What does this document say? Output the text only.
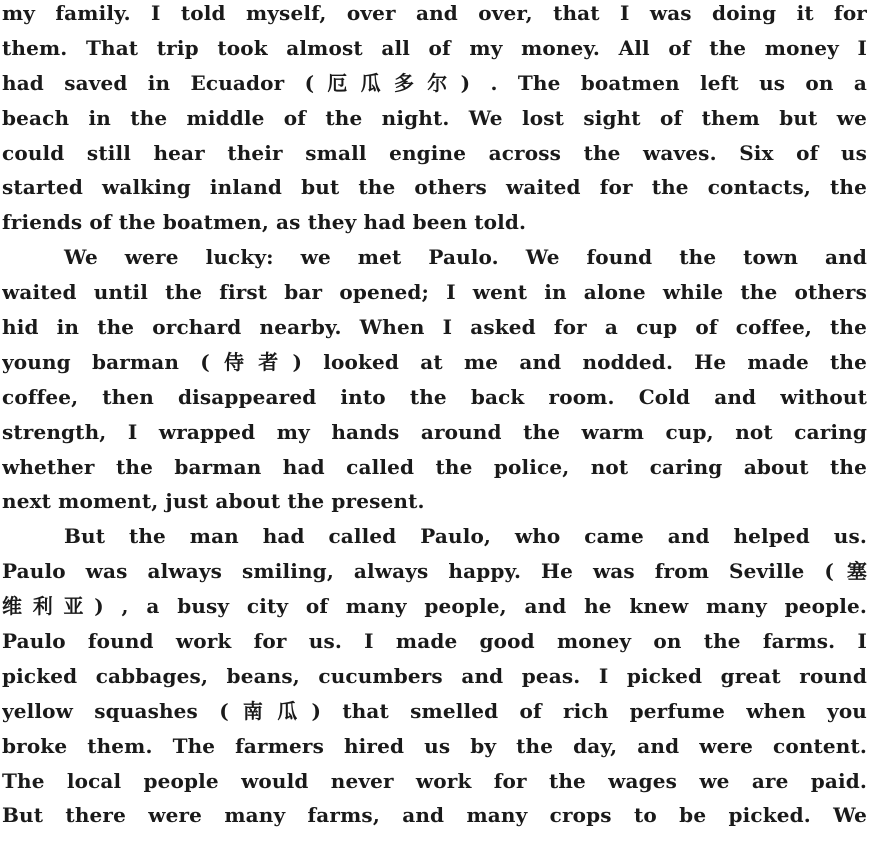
my family. I told myself, over and over, that I was doing it for
them. That trip took almost all of my money. All of the money I
had saved in Ecuador (厄瓜多尔) . The boatmen left us on a
beach in the middle of the night. We lost sight of them but we
could still hear their small engine across the waves. Six of us
started walking inland but the others waited for the contacts, the
friends of the boatmen, as they had been told.
We were lucky: we met Paulo. We found the town and
waited until the first bar opened; I went in alone while the others
hid in the orchard nearby. When I asked for a cup of coffee, the
young barman (侍者) looked at me and nodded. He made the
coffee, then disappeared into the back room. Cold and without
strength, I wrapped my hands around the warm cup, not caring
whether the barman had called the police, not caring about the
next moment, just about the present.
But the man had called Paulo, who came and helped us.
Paulo was always smiling, always happy. He was from Seville (塞
维利亚) , a busy city of many people, and he knew many people.
Paulo found work for us. I made good money on the farms. I
picked cabbages, beans, cucumbers and peas. I picked great round
yellow squashes (南瓜) that smelled of rich perfume when you
broke them. The farmers hired us by the day, and were content.
The local people would never work for the wages we are paid.
But there were many farms, and many crops to be picked. We
